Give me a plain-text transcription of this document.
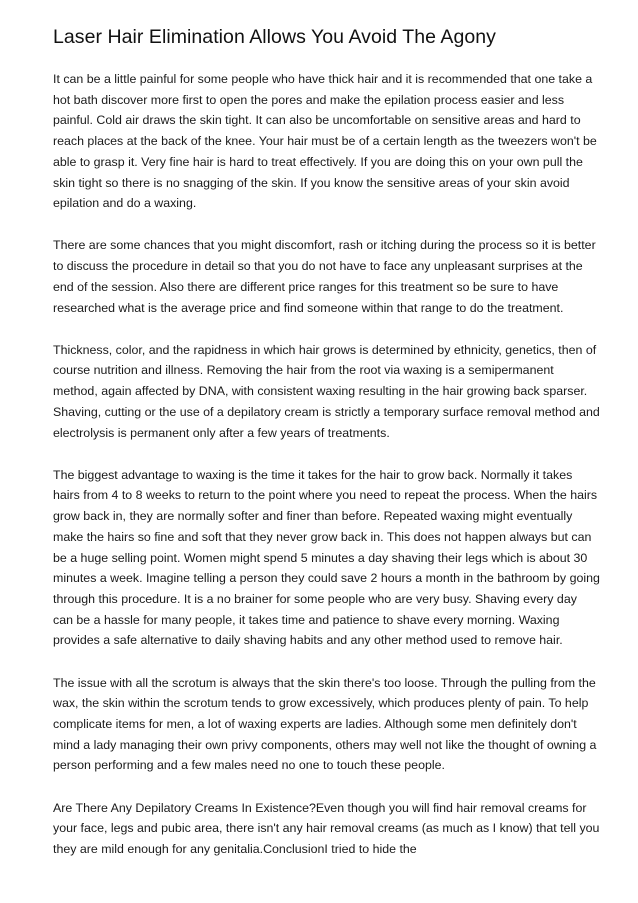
Laser Hair Elimination Allows You Avoid The Agony

It can be a little painful for some people who have thick hair and it is recommended that one take a hot bath discover more first to open the pores and make the epilation process easier and less painful. Cold air draws the skin tight. It can also be uncomfortable on sensitive areas and hard to reach places at the back of the knee. Your hair must be of a certain length as the tweezers won't be able to grasp it. Very fine hair is hard to treat effectively. If you are doing this on your own pull the skin tight so there is no snagging of the skin. If you know the sensitive areas of your skin avoid epilation and do a waxing.

There are some chances that you might discomfort, rash or itching during the process so it is better to discuss the procedure in detail so that you do not have to face any unpleasant surprises at the end of the session. Also there are different price ranges for this treatment so be sure to have researched what is the average price and find someone within that range to do the treatment.

Thickness, color, and the rapidness in which hair grows is determined by ethnicity, genetics, then of course nutrition and illness. Removing the hair from the root via waxing is a semipermanent method, again affected by DNA, with consistent waxing resulting in the hair growing back sparser. Shaving, cutting or the use of a depilatory cream is strictly a temporary surface removal method and electrolysis is permanent only after a few years of treatments.

The biggest advantage to waxing is the time it takes for the hair to grow back. Normally it takes hairs from 4 to 8 weeks to return to the point where you need to repeat the process. When the hairs grow back in, they are normally softer and finer than before. Repeated waxing might eventually make the hairs so fine and soft that they never grow back in. This does not happen always but can be a huge selling point. Women might spend 5 minutes a day shaving their legs which is about 30 minutes a week. Imagine telling a person they could save 2 hours a month in the bathroom by going through this procedure. It is a no brainer for some people who are very busy. Shaving every day can be a hassle for many people, it takes time and patience to shave every morning. Waxing provides a safe alternative to daily shaving habits and any other method used to remove hair.

The issue with all the scrotum is always that the skin there's too loose. Through the pulling from the wax, the skin within the scrotum tends to grow excessively, which produces plenty of pain. To help complicate items for men, a lot of waxing experts are ladies. Although some men definitely don't mind a lady managing their own privy components, others may well not like the thought of owning a person performing and a few males need no one to touch these people.

Are There Any Depilatory Creams In Existence?Even though you will find hair removal creams for your face, legs and pubic area, there isn't any hair removal creams (as much as I know) that tell you they are mild enough for any genitalia.ConclusionI tried to hide the
